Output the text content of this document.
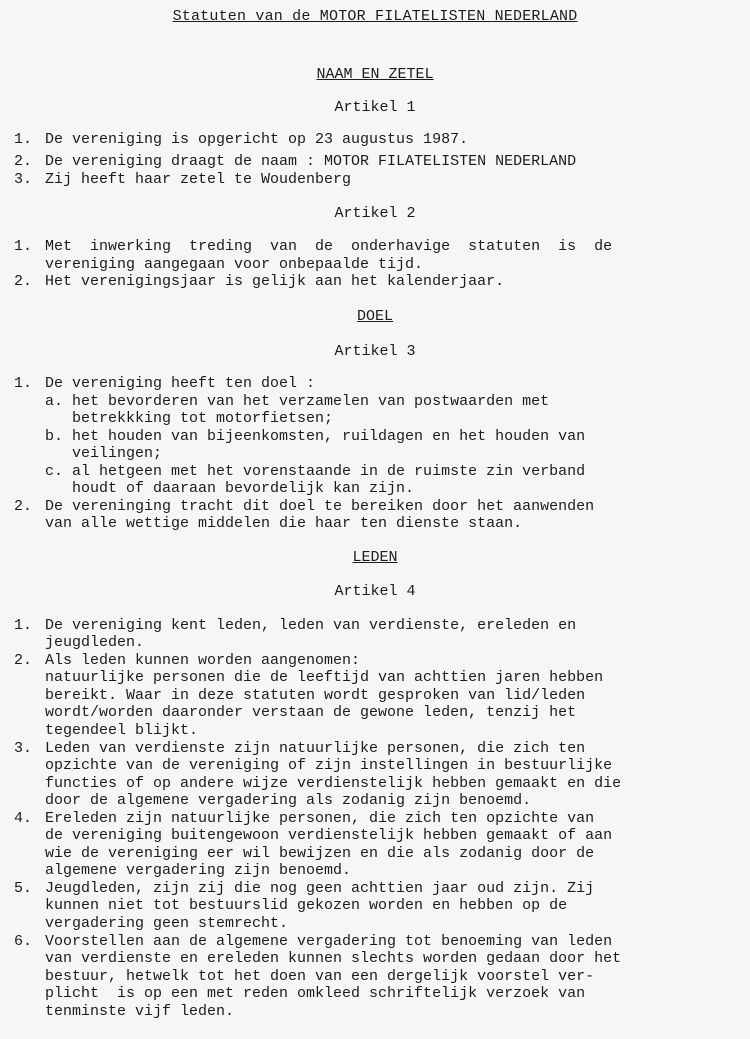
Statuten van de MOTOR FILATELISTEN NEDERLAND
NAAM EN ZETEL
Artikel 1
1. De vereniging is opgericht op 23 augustus 1987.
2. De vereniging draagt de naam : MOTOR FILATELISTEN NEDERLAND
3. Zij heeft haar zetel te Woudenberg
Artikel 2
1. Met  inwerking  treding  van  de  onderhavige  statuten  is  de
vereniging aangegaan voor onbepaalde tijd.
2. Het verenigingsjaar is gelijk aan het kalenderjaar.
DOEL
Artikel 3
1. De vereniging heeft ten doel :
a. het bevorderen van het verzamelen van postwaarden met
betrekkking tot motorfietsen;
b. het houden van bijeenkomsten, ruildagen en het houden van
veilingen;
c. al hetgeen met het vorenstaande in de ruimste zin verband
houdt of daaraan bevordelijk kan zijn.
2. De vereninging tracht dit doel te bereiken door het aanwenden
van alle wettige middelen die haar ten dienste staan.
LEDEN
Artikel 4
1. De vereniging kent leden, leden van verdienste, ereleden en
jeugdleden.
2. Als leden kunnen worden aangenomen:
natuurlijke personen die de leeftijd van achttien jaren hebben
bereikt. Waar in deze statuten wordt gesproken van lid/leden
wordt/worden daaronder verstaan de gewone leden, tenzij het
tegendeel blijkt.
3. Leden van verdienste zijn natuurlijke personen, die zich ten
opzichte van de vereniging of zijn instellingen in bestuurlijke
functies of op andere wijze verdienstelijk hebben gemaakt en die
door de algemene vergadering als zodanig zijn benoemd.
4. Ereleden zijn natuurlijke personen, die zich ten opzichte van
de vereniging buitengewoon verdienstelijk hebben gemaakt of aan
wie de vereniging eer wil bewijzen en die als zodanig door de
algemene vergadering zijn benoemd.
5. Jeugdleden, zijn zij die nog geen achttien jaar oud zijn. Zij
kunnen niet tot bestuurslid gekozen worden en hebben op de
vergadering geen stemrecht.
6. Voorstellen aan de algemene vergadering tot benoeming van leden
van verdienste en ereleden kunnen slechts worden gedaan door het
bestuur, hetwelk tot het doen van een dergelijk voorstel ver-
plicht  is op een met reden omkleed schriftelijk verzoek van
tenminste vijf leden.
